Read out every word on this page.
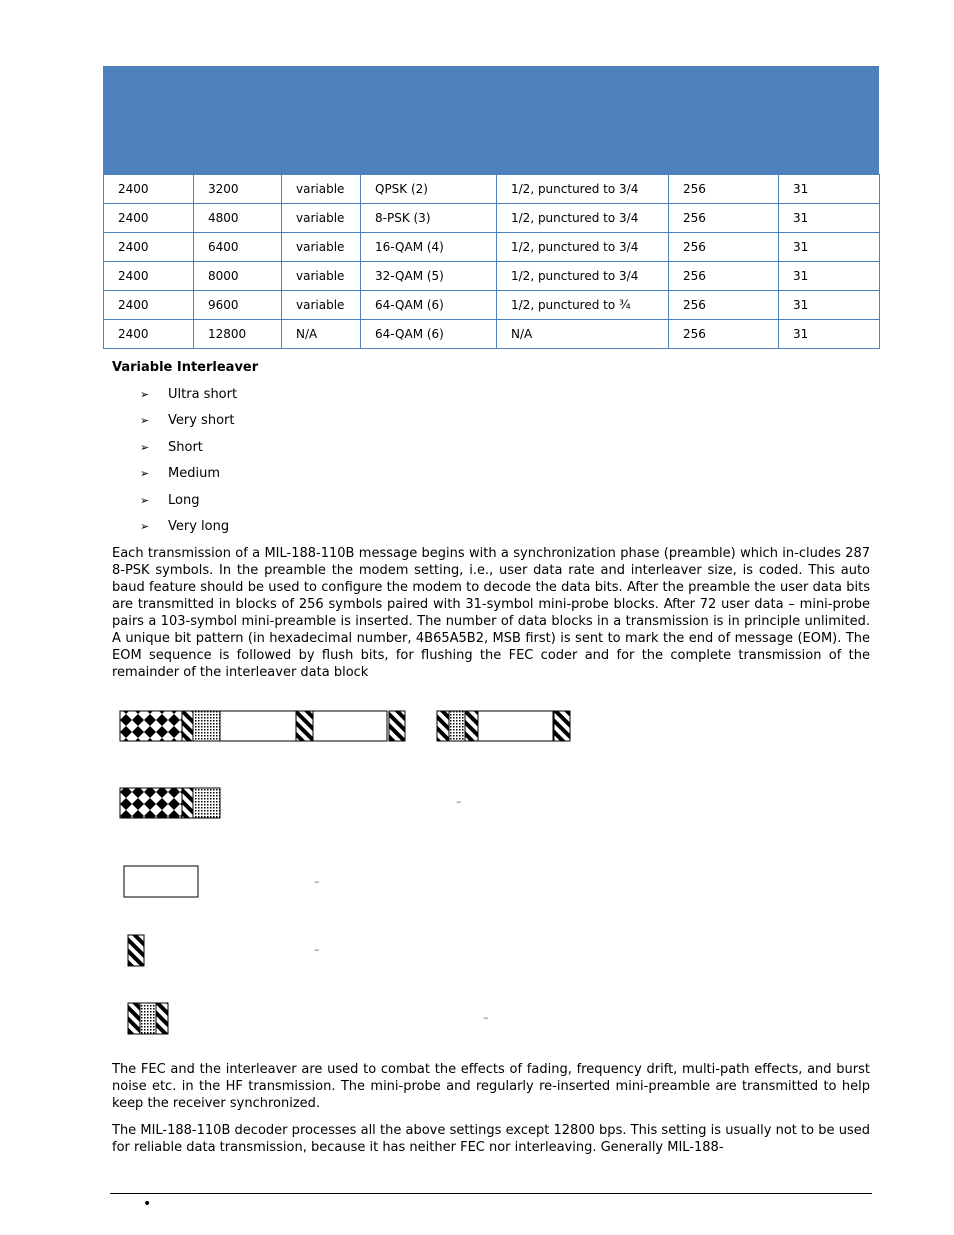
2400	3200	variable	QPSK (2)	1/2, punctured to 3/4	256	31
2400	4800	variable	8-PSK (3)	1/2, punctured to 3/4	256	31
2400	6400	variable	16-QAM (4)	1/2, punctured to 3/4	256	31
2400	8000	variable	32-QAM (5)	1/2, punctured to 3/4	256	31
2400	9600	variable	64-QAM (6)	1/2, punctured to ¾	256	31
2400	12800	N/A	64-QAM (6)	N/A	256	31
Variable Interleaver
➢	Ultra short
➢	Very short
➢	Short
➢	Medium
➢	Long
➢	Very long

Each transmission of a MIL-188-110B message begins with a synchronization phase (preamble) which in-cludes 287 8-PSK symbols. In the preamble the modem setting, i.e., user data rate and interleaver size, is coded. This auto baud feature should be used to configure the modem to decode the data bits. After the preamble the user data bits are transmitted in blocks of 256 symbols paired with 31-symbol mini-probe blocks. After 72 user data – mini-probe pairs a 103-symbol mini-preamble is inserted. The number of data blocks in a transmission is in principle unlimited. A unique bit pattern (in hexadecimal number, 4B65A5B2, MSB first) is sent to mark the end of message (EOM). The EOM sequence is followed by flush bits, for flushing the FEC coder and for the complete transmission of the remainder of the interleaver data block

–
–
–
–

The FEC and the interleaver are used to combat the effects of fading, frequency drift, multi-path effects, and burst noise etc. in the HF transmission. The mini-probe and regularly re-inserted mini-preamble are transmitted to help keep the receiver synchronized.

The MIL-188-110B decoder processes all the above settings except 12800 bps. This setting is usually not to be used for reliable data transmission, because it has neither FEC nor interleaving. Generally MIL-188-

•
